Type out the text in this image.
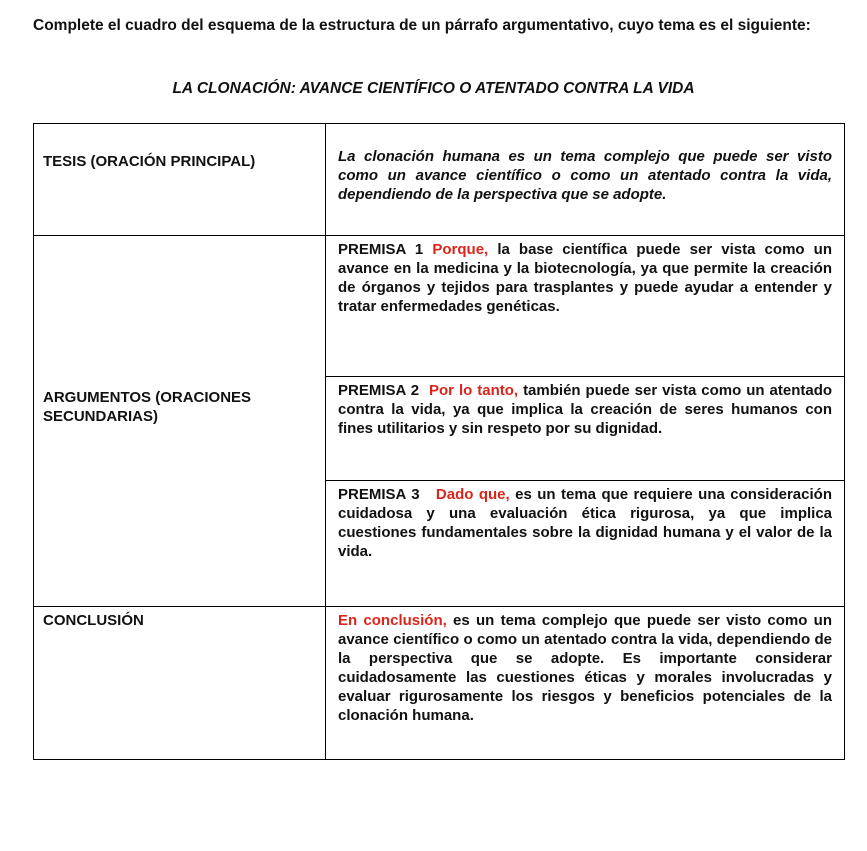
Complete el cuadro del esquema de la estructura de un párrafo argumentativo, cuyo tema es el siguiente:
LA CLONACIÓN: AVANCE CIENTÍFICO O ATENTADO CONTRA LA VIDA
TESIS (ORACIÓN PRINCIPAL)	La clonación humana es un tema complejo que puede ser visto como un avance científico o como un atentado contra la vida, dependiendo de la perspectiva que se adopte.

ARGUMENTOS (ORACIONES SECUNDARIAS)	PREMISA 1 Porque, la base científica puede ser vista como un avance en la medicina y la biotecnología, ya que permite la creación de órganos y tejidos para trasplantes y puede ayudar a entender y tratar enfermedades genéticas.

	PREMISA 2 Por lo tanto, también puede ser vista como un atentado contra la vida, ya que implica la creación de seres humanos con fines utilitarios y sin respeto por su dignidad.

	PREMISA 3 Dado que, es un tema que requiere una consideración cuidadosa y una evaluación ética rigurosa, ya que implica cuestiones fundamentales sobre la dignidad humana y el valor de la vida.

CONCLUSIÓN	En conclusión, es un tema complejo que puede ser visto como un avance científico o como un atentado contra la vida, dependiendo de la perspectiva que se adopte. Es importante considerar cuidadosamente las cuestiones éticas y morales involucradas y evaluar rigurosamente los riesgos y beneficios potenciales de la clonación humana.
